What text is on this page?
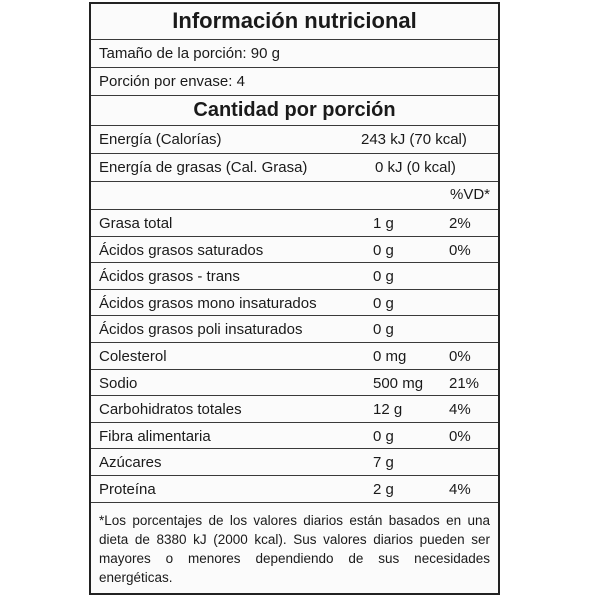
Información nutricional
Tamaño de la porción: 90 g
Porción por envase: 4
Cantidad por porción
Energía (Calorías)	243 kJ (70 kcal)
Energía de grasas (Cal. Grasa)	0 kJ (0 kcal)
%VD*
Grasa total	1 g	2%
Ácidos grasos saturados	0 g	0%
Ácidos grasos - trans	0 g
Ácidos grasos mono insaturados	0 g
Ácidos grasos poli insaturados	0 g
Colesterol	0 mg	0%
Sodio	500 mg 21%
Carbohidratos totales	12 g	4%
Fibra alimentaria	0 g	0%
Azúcares	7 g
Proteína	2 g	4%
*Los porcentajes de los valores diarios están basados en una dieta de 8380 kJ (2000 kcal). Sus valores diarios pueden ser mayores o menores dependiendo de sus necesidades energéticas.
